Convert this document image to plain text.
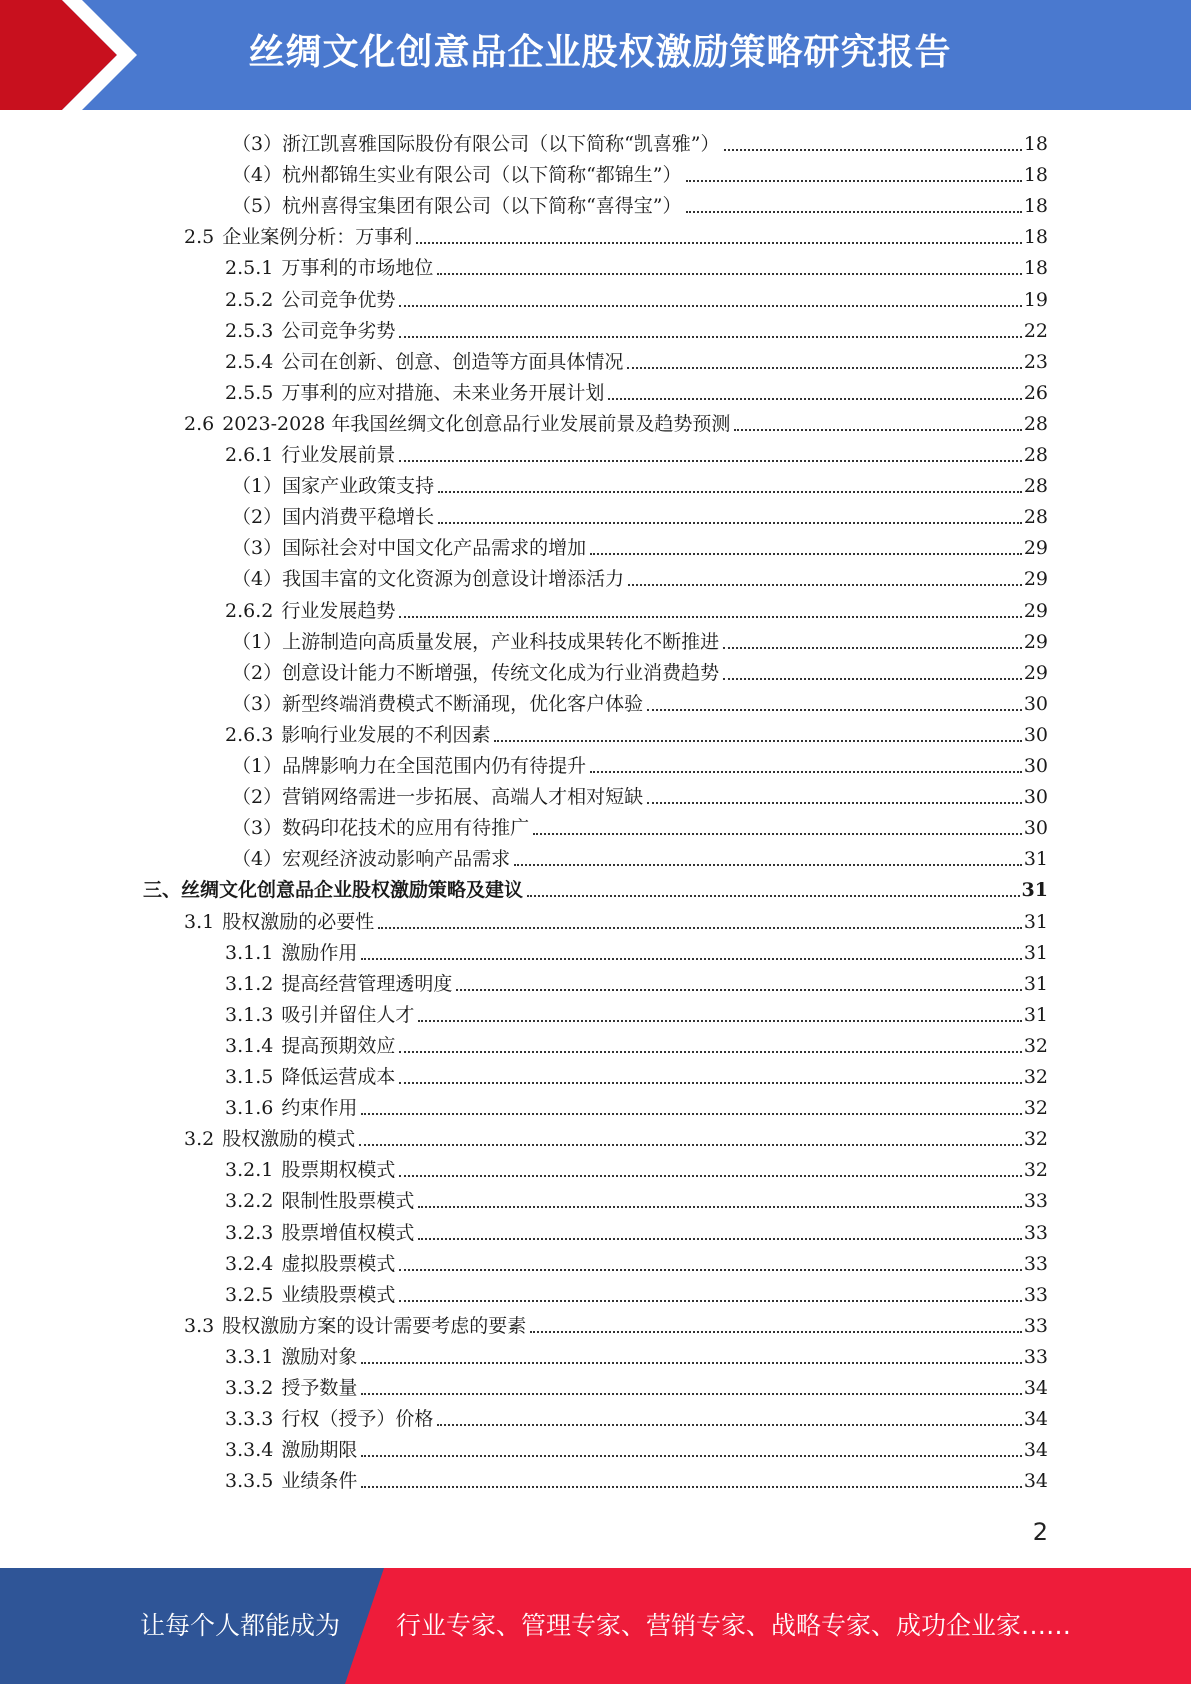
丝绸文化创意品企业股权激励策略研究报告
（3） 浙江凯喜雅国际股份有限公司（以下简称“凯喜雅”）	18
（4） 杭州都锦生实业有限公司（以下简称“都锦生”）	18
（5） 杭州喜得宝集团有限公司（以下简称“喜得宝”）	18
2.5 企业案例分析：万事利	18
2.5.1 万事利的市场地位	18
2.5.2 公司竞争优势	19
2.5.3 公司竞争劣势	22
2.5.4 公司在创新、创意、创造等方面具体情况	23
2.5.5 万事利的应对措施、未来业务开展计划	26
2.6 2023-2028 年我国丝绸文化创意品行业发展前景及趋势预测	28
2.6.1 行业发展前景	28
（1） 国家产业政策支持	28
（2） 国内消费平稳增长	28
（3） 国际社会对中国文化产品需求的增加	29
（4） 我国丰富的文化资源为创意设计增添活力	29
2.6.2 行业发展趋势	29
（1） 上游制造向高质量发展，产业科技成果转化不断推进	29
（2） 创意设计能力不断增强，传统文化成为行业消费趋势	29
（3） 新型终端消费模式不断涌现，优化客户体验	30
2.6.3 影响行业发展的不利因素	30
（1） 品牌影响力在全国范围内仍有待提升	30
（2） 营销网络需进一步拓展、高端人才相对短缺	30
（3） 数码印花技术的应用有待推广	30
（4） 宏观经济波动影响产品需求	31
三、 丝绸文化创意品企业股权激励策略及建议	31
3.1 股权激励的必要性	31
3.1.1 激励作用	31
3.1.2 提高经营管理透明度	31
3.1.3 吸引并留住人才	31
3.1.4 提高预期效应	32
3.1.5 降低运营成本	32
3.1.6 约束作用	32
3.2 股权激励的模式	32
3.2.1 股票期权模式	32
3.2.2 限制性股票模式	33
3.2.3 股票增值权模式	33
3.2.4 虚拟股票模式	33
3.2.5 业绩股票模式	33
3.3 股权激励方案的设计需要考虑的要素	33
3.3.1 激励对象	33
3.3.2 授予数量	34
3.3.3 行权（授予）价格	34
3.3.4 激励期限	34
3.3.5 业绩条件	34
2
让每个人都能成为 行业专家、管理专家、营销专家、战略专家、成功企业家……
